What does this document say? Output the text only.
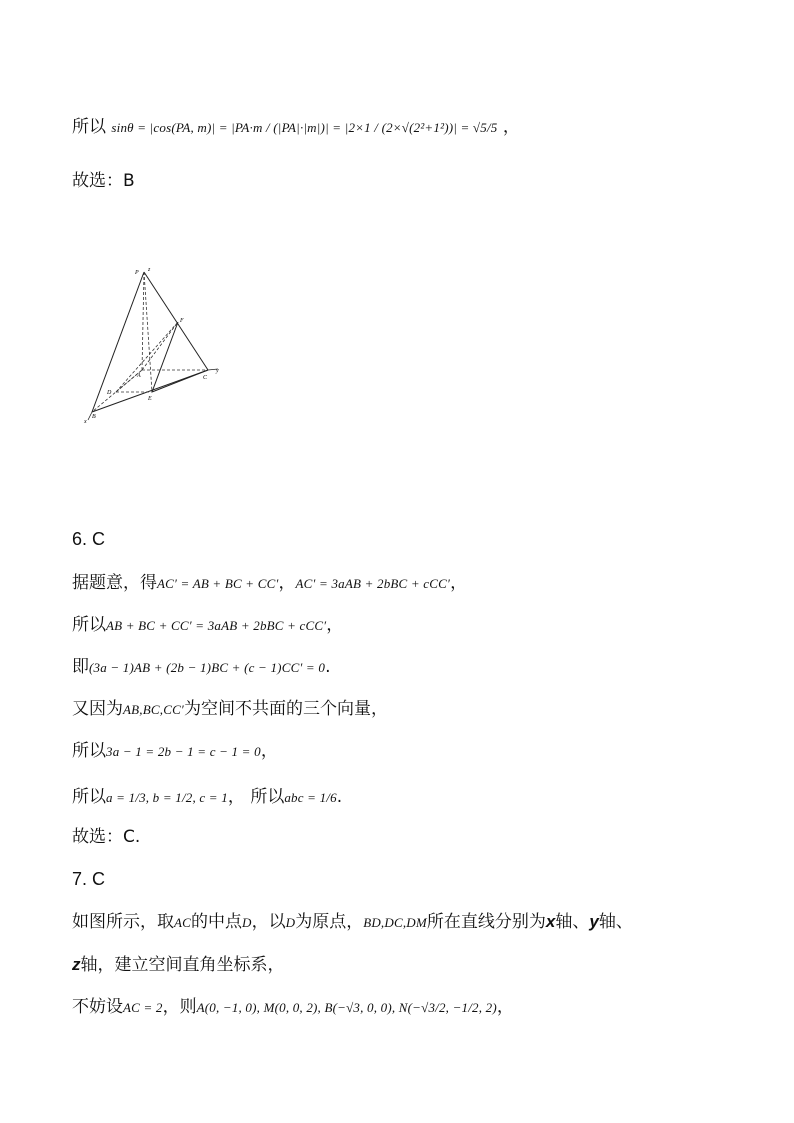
所以 sinθ = |cos(PA, m)| = |PA·m / (|PA|·|m|)| = |2×1 / (2×√(2²+1²))| = √5/5 ，
故选：B
P z
F
A	C
y
D
E
B
x
6. C
据题意，得AC′ = AB + BC + CC′，AC′ = 3aAB + 2bBC + cCC′，
所以AB + BC + CC′ = 3aAB + 2bBC + cCC′，
即(3a − 1)AB + (2b − 1)BC + (c − 1)CC′ = 0.
又因为AB,BC,CC′为空间不共面的三个向量，
所以3a − 1 = 2b − 1 = c − 1 = 0，
所以a = 1/3, b = 1/2, c = 1， 所以abc = 1/6.
故选：C.
7. C
如图所示，取AC的中点D，以D为原点，BD,DC,DM所在直线分别为x轴、y轴、
z轴，建立空间直角坐标系，
不妨设AC = 2，则A(0, −1, 0), M(0, 0, 2), B(−√3, 0, 0), N(−√3/2, −1/2, 2)，
